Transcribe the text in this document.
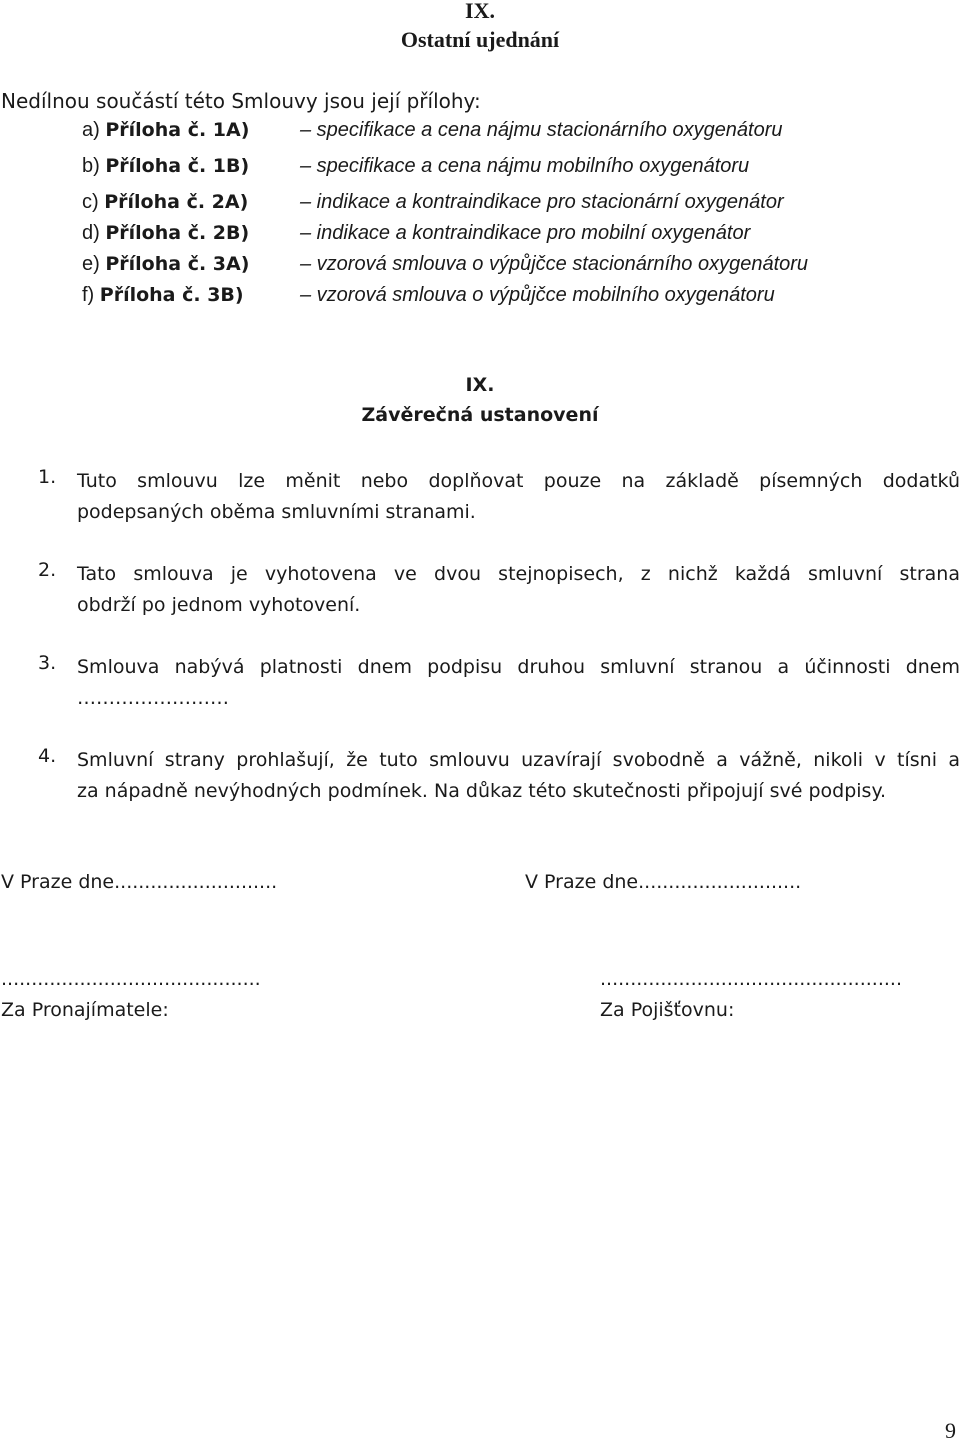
IX.
Ostatní ujednání
Nedílnou součástí této Smlouvy jsou její přílohy:
a) Příloha č. 1A)	– specifikace a cena nájmu stacionárního oxygenátoru
b) Příloha č. 1B)	– specifikace a cena nájmu mobilního oxygenátoru
c) Příloha č. 2A)	– indikace a kontraindikace pro stacionární oxygenátor
d) Příloha č. 2B)	– indikace a kontraindikace pro mobilní oxygenátor
e) Příloha č. 3A)	– vzorová smlouva o výpůjčce stacionárního oxygenátoru
f) Příloha č. 3B)	– vzorová smlouva o výpůjčce mobilního oxygenátoru
IX.
Závěrečná ustanovení
1. Tuto smlouvu lze měnit nebo doplňovat pouze na základě písemných dodatků
podepsaných oběma smluvními stranami.
2. Tato smlouva je vyhotovena ve dvou stejnopisech, z nichž každá smluvní strana
obdrží po jednom vyhotovení.
3. Smlouva nabývá platnosti dnem podpisu druhou smluvní stranou a účinnosti dnem
……………………
4. Smluvní strany prohlašují, že tuto smlouvu uzavírají svobodně a vážně, nikoli v tísni a
za nápadně nevýhodných podmínek. Na důkaz této skutečnosti připojují své podpisy.
V Praze dne...........................	V Praze dne...........................
...........................................	..................................................
Za Pronajímatele:	Za Pojišťovnu:
9
